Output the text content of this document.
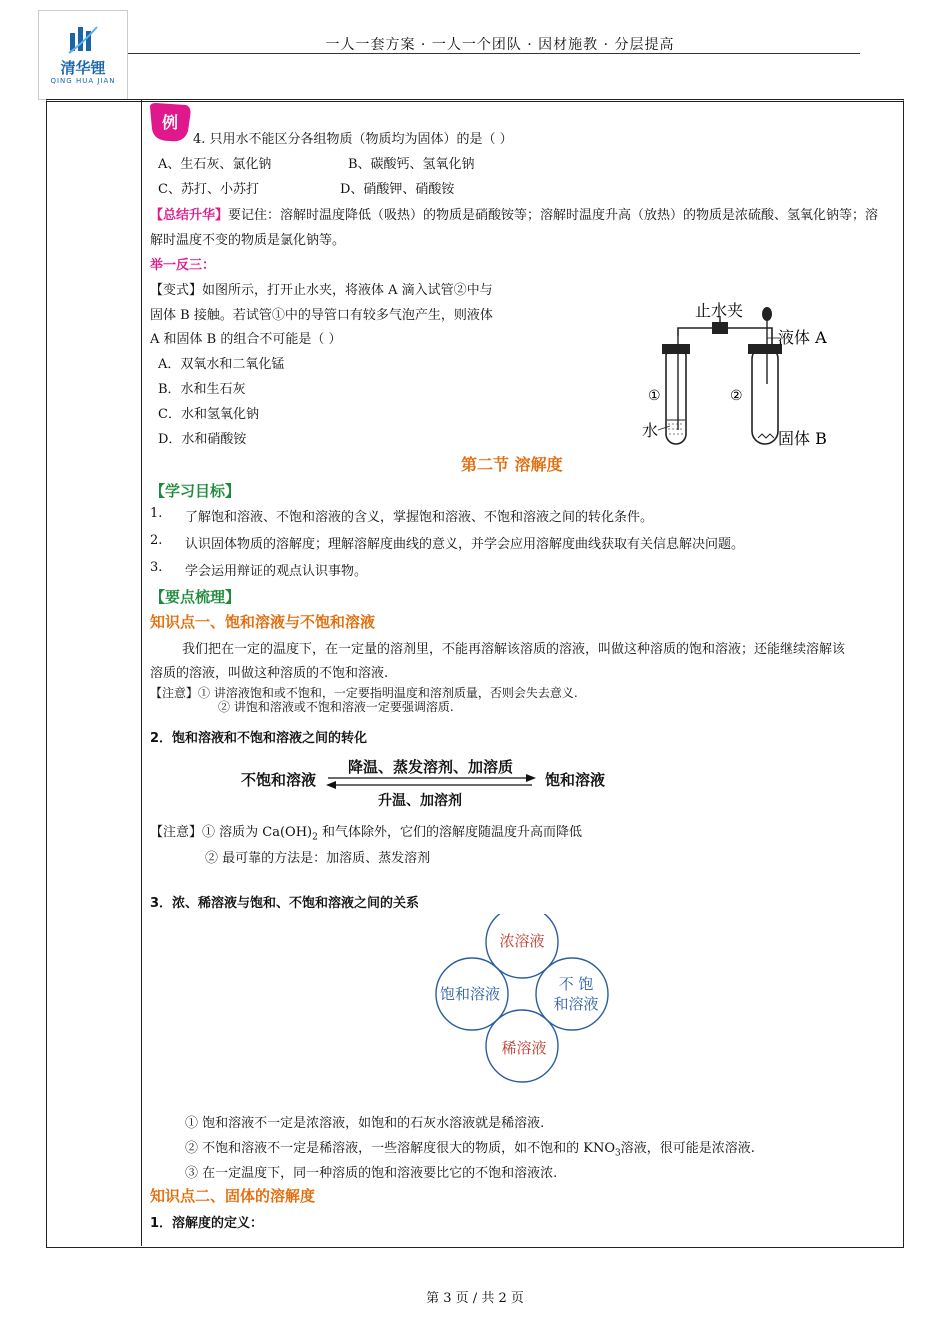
清华锂
QING HUA JIAN
一人一套方案 · 一人一个团队 · 因材施教 · 分层提高
例
4. 只用水不能区分各组物质（物质均为固体）的是（ ）
A、生石灰、氯化钠	B、碳酸钙、氢氧化钠
C、苏打、小苏打	D、硝酸钾、硝酸铵
【总结升华】要记住：溶解时温度降低（吸热）的物质是硝酸铵等；溶解时温度升高（放热）的物质是浓硫酸、氢氧化钠等；溶
解时温度不变的物质是氯化钠等。
举一反三：
【变式】如图所示，打开止水夹，将液体 A 滴入试管②中与
固体 B 接触。若试管①中的导管口有较多气泡产生，则液体
A 和固体 B 的组合不可能是（ ）
A．双氧水和二氧化锰
B．水和生石灰
C．水和氢氧化钠
D．水和硝酸铵
止水夹
液体 A
①	②
水	固体 B
第二节 溶解度
【学习目标】
1. 了解饱和溶液、不饱和溶液的含义，掌握饱和溶液、不饱和溶液之间的转化条件。
2. 认识固体物质的溶解度；理解溶解度曲线的意义，并学会应用溶解度曲线获取有关信息解决问题。
3. 学会运用辩证的观点认识事物。
【要点梳理】
知识点一、饱和溶液与不饱和溶液
我们把在一定的温度下，在一定量的溶剂里，不能再溶解该溶质的溶液，叫做这种溶质的饱和溶液；还能继续溶解该
溶质的溶液，叫做这种溶质的不饱和溶液.
【注意】① 讲溶液饱和或不饱和，一定要指明温度和溶剂质量，否则会失去意义.
② 讲饱和溶液或不饱和溶液一定要强调溶质.
2．饱和溶液和不饱和溶液之间的转化
不饱和溶液
降温、蒸发溶剂、加溶质
饱和溶液
升温、加溶剂
【注意】① 溶质为 $Ca(OH)_2$ 和气体除外，它们的溶解度随温度升高而降低
② 最可靠的方法是：加溶质、蒸发溶剂
3．浓、稀溶液与饱和、不饱和溶液之间的关系
浓溶液
饱和溶液
不 饱
和溶液
稀溶液
① 饱和溶液不一定是浓溶液，如饱和的石灰水溶液就是稀溶液.
② 不饱和溶液不一定是稀溶液，一些溶解度很大的物质，如不饱和的 $KNO_3$溶液，很可能是浓溶液.
③ 在一定温度下，同一种溶质的饱和溶液要比它的不饱和溶液浓.
知识点二、固体的溶解度
1．溶解度的定义：
第 3 页 / 共 2 页
